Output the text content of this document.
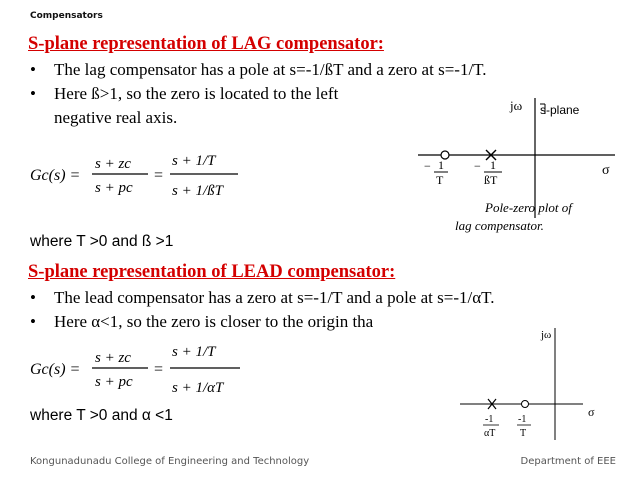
Compensators
S-plane representation of LAG compensator:
• The lag compensator has a pole at s=-1/ßT and a zero at s=-1/T.
• Here ß>1, so the zero is located to the left
negative real axis.
Gc(s) =
s + zc
s + pc
=
s + 1/T
s + 1/ßT
where T >0 and ß >1
jω s-plane
σ
− 1
T
− 1
ßT
Pole-zero plot of
lag compensator.
S-plane representation of LEAD compensator:
• The lead compensator has a zero at s=-1/T and a pole at s=-1/αT.
• Here α<1, so the zero is closer to the origin tha
Gc(s) =
s + zc
s + pc
=
s + 1/T
s + 1/αT
where T >0 and α <1
jω
σ
-1
αT
-1
T
Kongunadunadu College of Engineering and Technology	Department of EEE
